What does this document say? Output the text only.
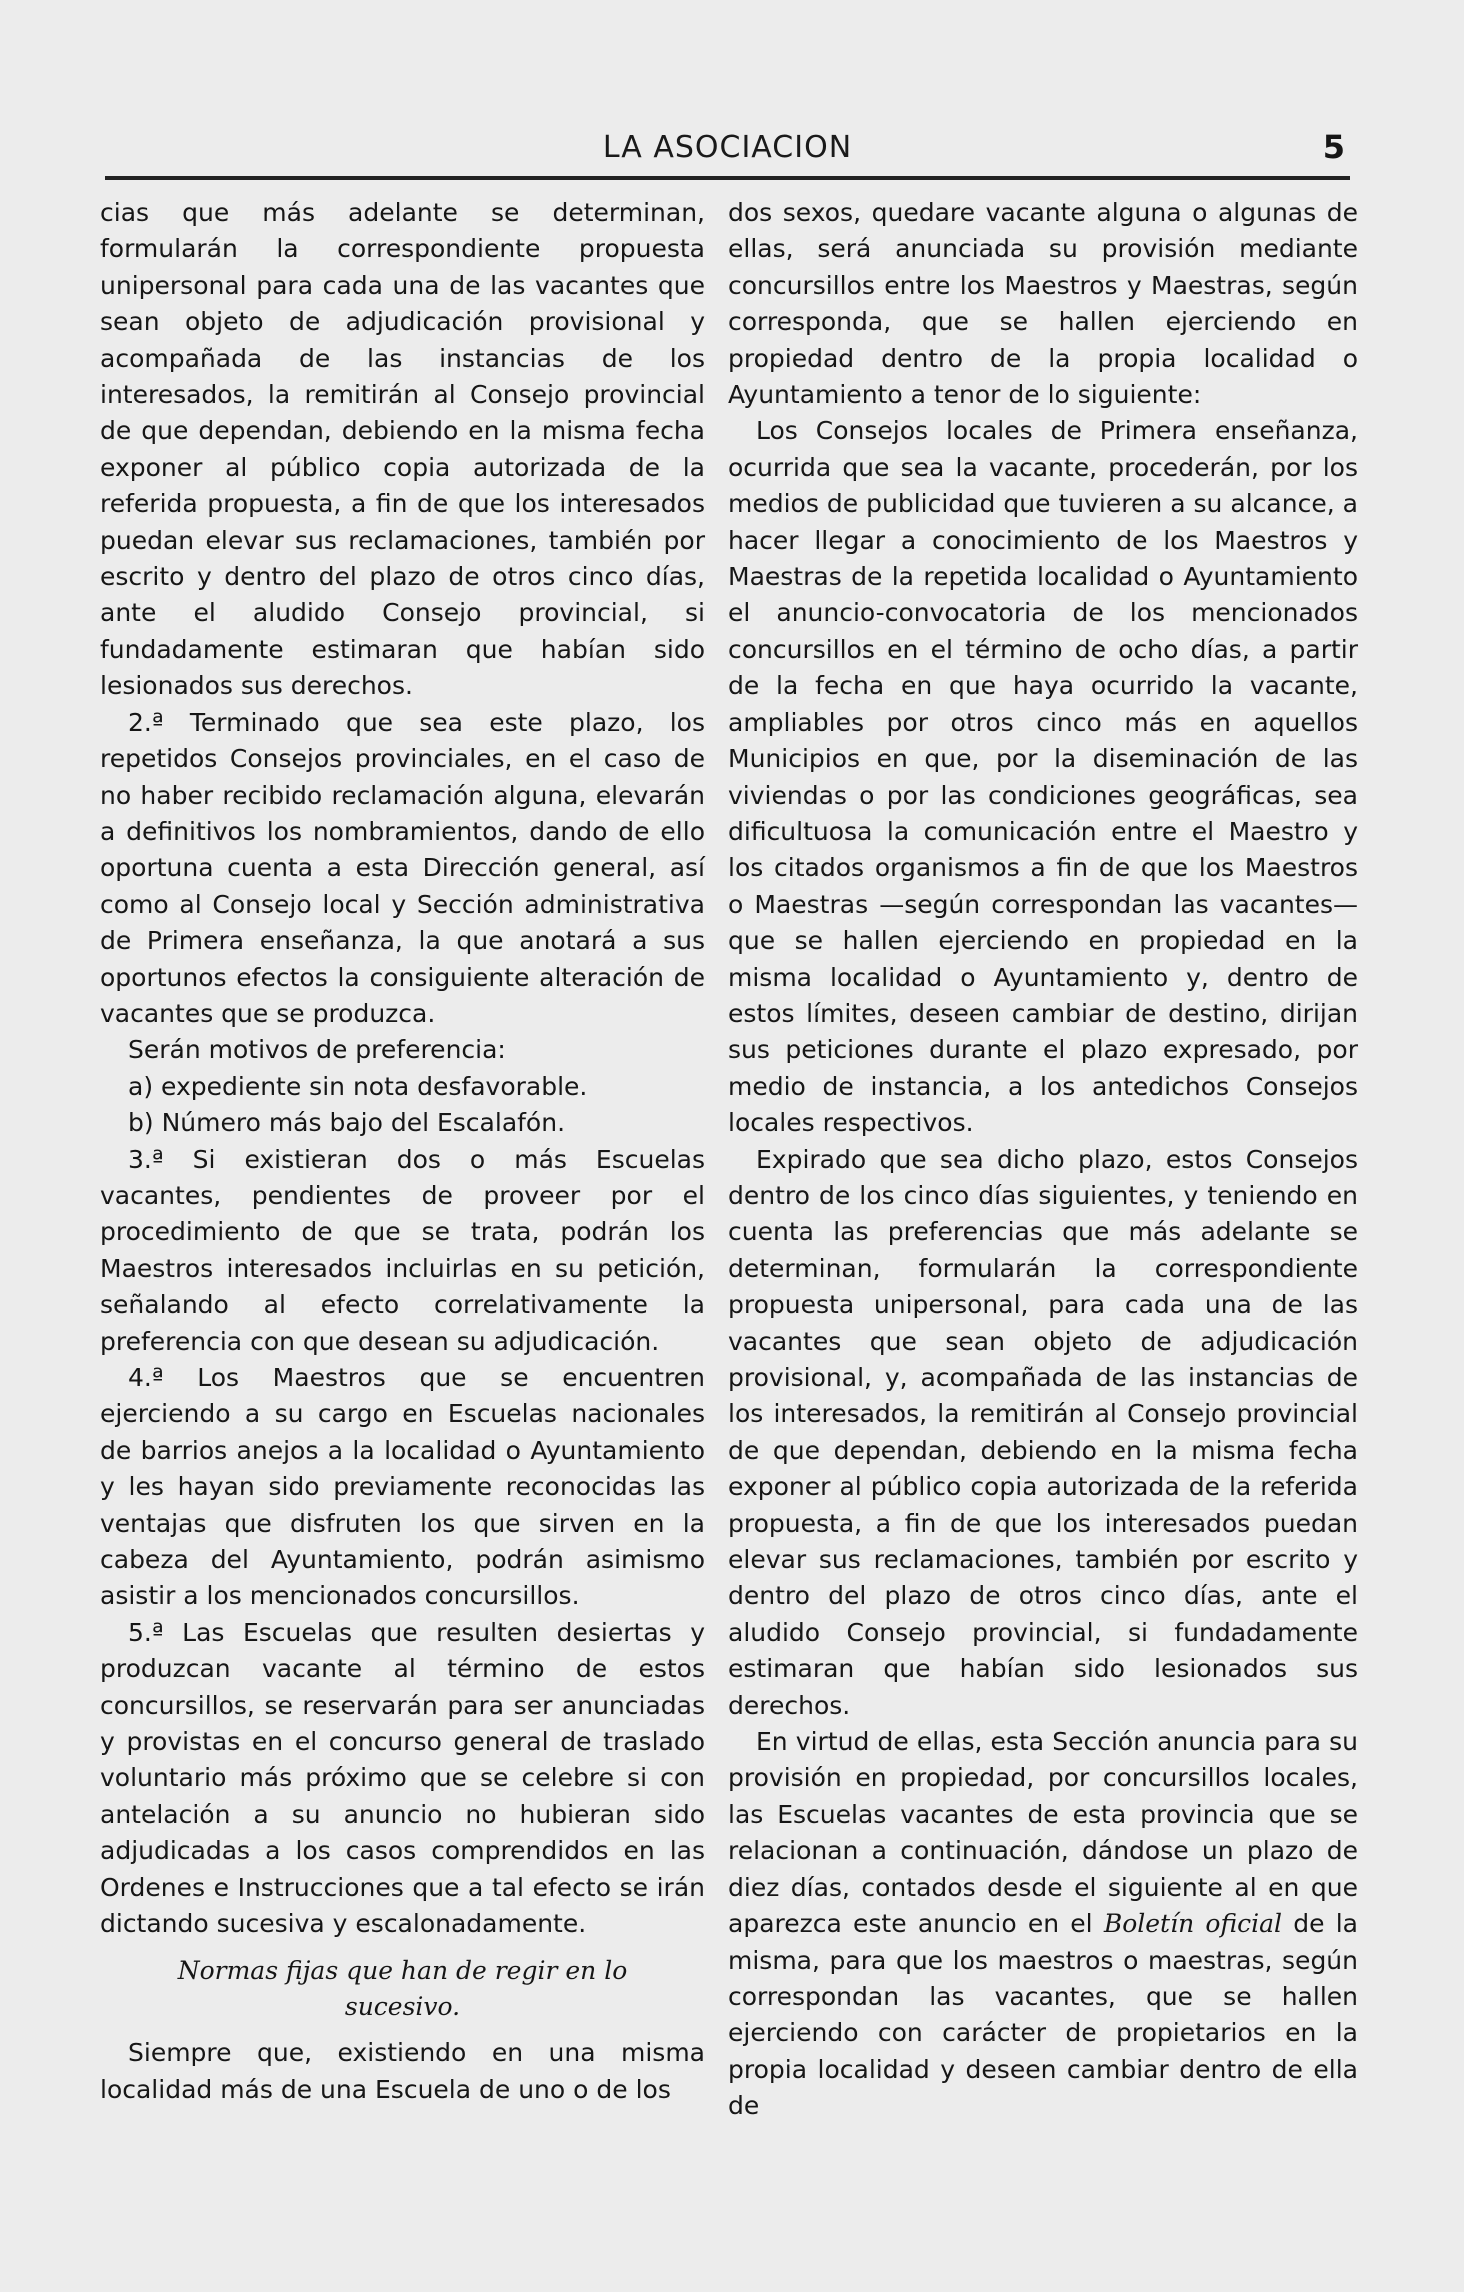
LA ASOCIACION	5

cias que más adelante se determinan, formularán la correspondiente propuesta unipersonal para cada una de las vacantes que sean objeto de adjudicación provisional y acompañada de las instancias de los interesados, la remitirán al Consejo provincial de que dependan, debiendo en la misma fecha exponer al público copia autorizada de la referida propuesta, a fin de que los interesados puedan elevar sus reclamaciones, también por escrito y dentro del plazo de otros cinco días, ante el aludido Consejo provincial, si fundadamente estimaran que habían sido lesionados sus derechos.

2.ª Terminado que sea este plazo, los repetidos Consejos provinciales, en el caso de no haber recibido reclamación alguna, elevarán a definitivos los nombramientos, dando de ello oportuna cuenta a esta Dirección general, así como al Consejo local y Sección administrativa de Primera enseñanza, la que anotará a sus oportunos efectos la consiguiente alteración de vacantes que se produzca.

Serán motivos de preferencia:

a) expediente sin nota desfavorable.

b) Número más bajo del Escalafón.

3.ª Si existieran dos o más Escuelas vacantes, pendientes de proveer por el procedimiento de que se trata, podrán los Maestros interesados incluirlas en su petición, señalando al efecto correlativamente la preferencia con que desean su adjudicación.

4.ª Los Maestros que se encuentren ejerciendo a su cargo en Escuelas nacionales de barrios anejos a la localidad o Ayuntamiento y les hayan sido previamente reconocidas las ventajas que disfruten los que sirven en la cabeza del Ayuntamiento, podrán asimismo asistir a los mencionados concursillos.

5.ª Las Escuelas que resulten desiertas y produzcan vacante al término de estos concursillos, se reservarán para ser anunciadas y provistas en el concurso general de traslado voluntario más próximo que se celebre si con antelación a su anuncio no hubieran sido adjudicadas a los casos comprendidos en las Ordenes e Instrucciones que a tal efecto se irán dictando sucesiva y escalonadamente.

Normas fijas que han de regir en lo

sucesivo.

Siempre que, existiendo en una misma localidad más de una Escuela de uno o de los

dos sexos, quedare vacante alguna o algunas de ellas, será anunciada su provisión mediante concursillos entre los Maestros y Maestras, según corresponda, que se hallen ejerciendo en propiedad dentro de la propia localidad o Ayuntamiento a tenor de lo siguiente:

Los Consejos locales de Primera enseñanza, ocurrida que sea la vacante, procederán, por los medios de publicidad que tuvieren a su alcance, a hacer llegar a conocimiento de los Maestros y Maestras de la repetida localidad o Ayuntamiento el anuncio-convocatoria de los mencionados concursillos en el término de ocho días, a partir de la fecha en que haya ocurrido la vacante, ampliables por otros cinco más en aquellos Municipios en que, por la diseminación de las viviendas o por las condiciones geográficas, sea dificultuosa la comunicación entre el Maestro y los citados organismos a fin de que los Maestros o Maestras —según correspondan las vacantes— que se hallen ejerciendo en propiedad en la misma localidad o Ayuntamiento y, dentro de estos límites, deseen cambiar de destino, dirijan sus peticiones durante el plazo expresado, por medio de instancia, a los antedichos Consejos locales respectivos.

Expirado que sea dicho plazo, estos Consejos dentro de los cinco días siguientes, y teniendo en cuenta las preferencias que más adelante se determinan, formularán la correspondiente propuesta unipersonal, para cada una de las vacantes que sean objeto de adjudicación provisional, y, acompañada de las instancias de los interesados, la remitirán al Consejo provincial de que dependan, debiendo en la misma fecha exponer al público copia autorizada de la referida propuesta, a fin de que los interesados puedan elevar sus reclamaciones, también por escrito y dentro del plazo de otros cinco días, ante el aludido Consejo provincial, si fundadamente estimaran que habían sido lesionados sus derechos.

En virtud de ellas, esta Sección anuncia para su provisión en propiedad, por concursillos locales, las Escuelas vacantes de esta provincia que se relacionan a continuación, dándose un plazo de diez días, contados desde el siguiente al en que aparezca este anuncio en el Boletín oficial de la misma, para que los maestros o maestras, según correspondan las vacantes, que se hallen ejerciendo con carácter de propietarios en la propia localidad y deseen cambiar dentro de ella de
